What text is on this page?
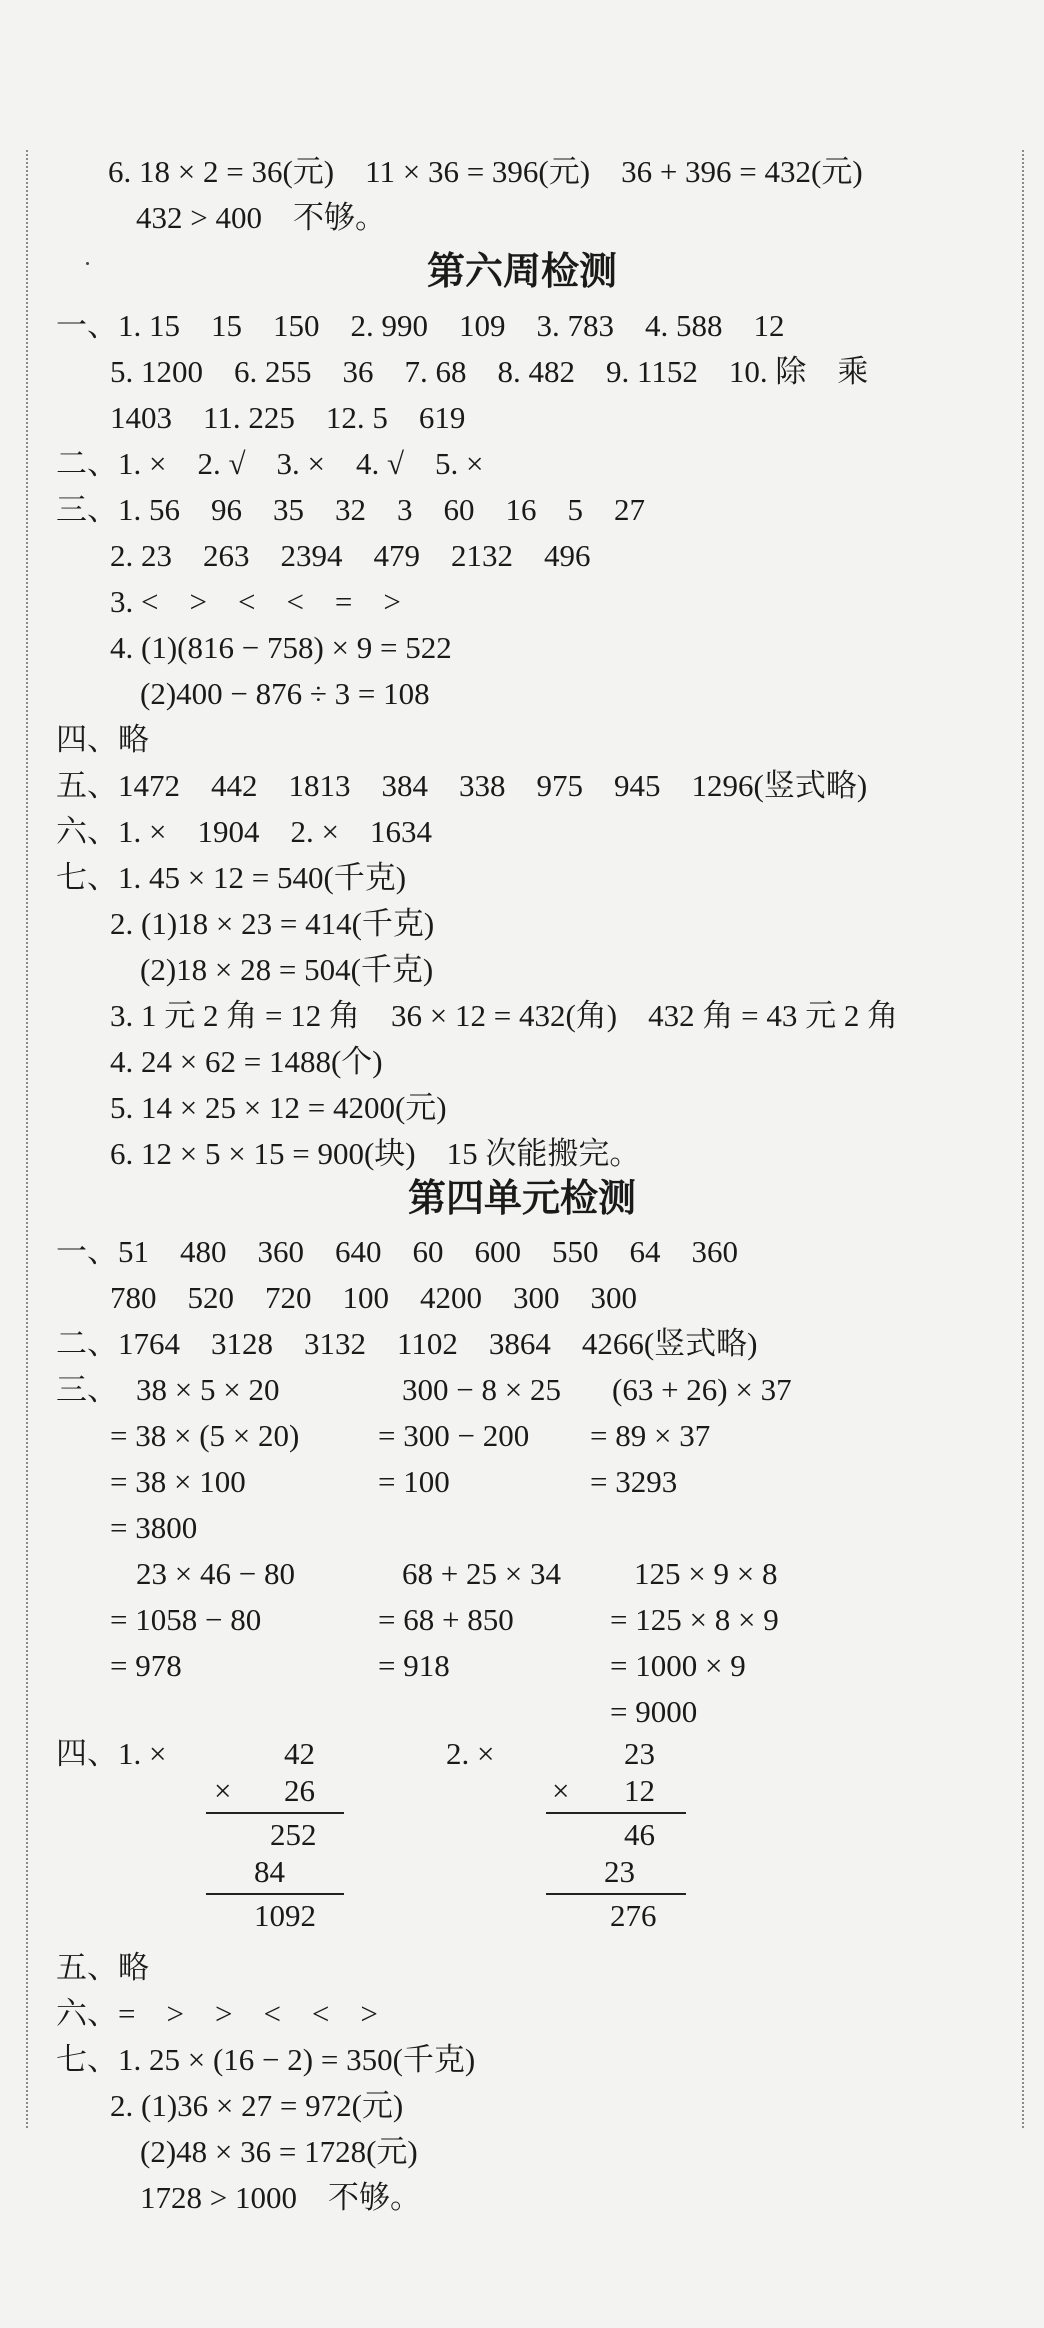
6. 18 × 2 = 36(元)    11 × 36 = 396(元)    36 + 396 = 432(元)
432 > 400    不够。
第六周检测
一、1. 15    15    150    2. 990    109    3. 783    4. 588    12
5. 1200    6. 255    36    7. 68    8. 482    9. 1152    10. 除    乘
1403    11. 225    12. 5    619
二、1. ×    2. √    3. ×    4. √    5. ×
三、1. 56    96    35    32    3    60    16    5    27
2. 23    263    2394    479    2132    496
3. <    >    <    <    =    >
4. (1)(816 − 758) × 9 = 522
(2)400 − 876 ÷ 3 = 108
四、略
五、1472    442    1813    384    338    975    945    1296(竖式略)
六、1. ×    1904    2. ×    1634
七、1. 45 × 12 = 540(千克)
2. (1)18 × 23 = 414(千克)
(2)18 × 28 = 504(千克)
3. 1 元 2 角 = 12 角    36 × 12 = 432(角)    432 角 = 43 元 2 角
4. 24 × 62 = 1488(个)
5. 14 × 25 × 12 = 4200(元)
6. 12 × 5 × 15 = 900(块)    15 次能搬完。
第四单元检测
一、51    480    360    640    60    600    550    64    360
780    520    720    100    4200    300    300
二、1764    3128    3132    1102    3864    4266(竖式略)
三、 38 × 5 × 20
= 38 × (5 × 20)
= 38 × 100
= 3800
300 − 8 × 25
= 300 − 200
= 100
(63 + 26) × 37
= 89 × 37
= 3293
23 × 46 − 80
= 1058 − 80
= 978
68 + 25 × 34
= 68 + 850
= 918
125 × 9 × 8
= 125 × 8 × 9
= 1000 × 9
= 9000
四、1. ×	42
× 26
252
84
1092
2. ×	23
× 12
46
23
276
五、略
六、=    >    >    <    <    >
七、1. 25 × (16 − 2) = 350(千克)
2. (1)36 × 27 = 972(元)
(2)48 × 36 = 1728(元)
1728 > 1000    不够。
